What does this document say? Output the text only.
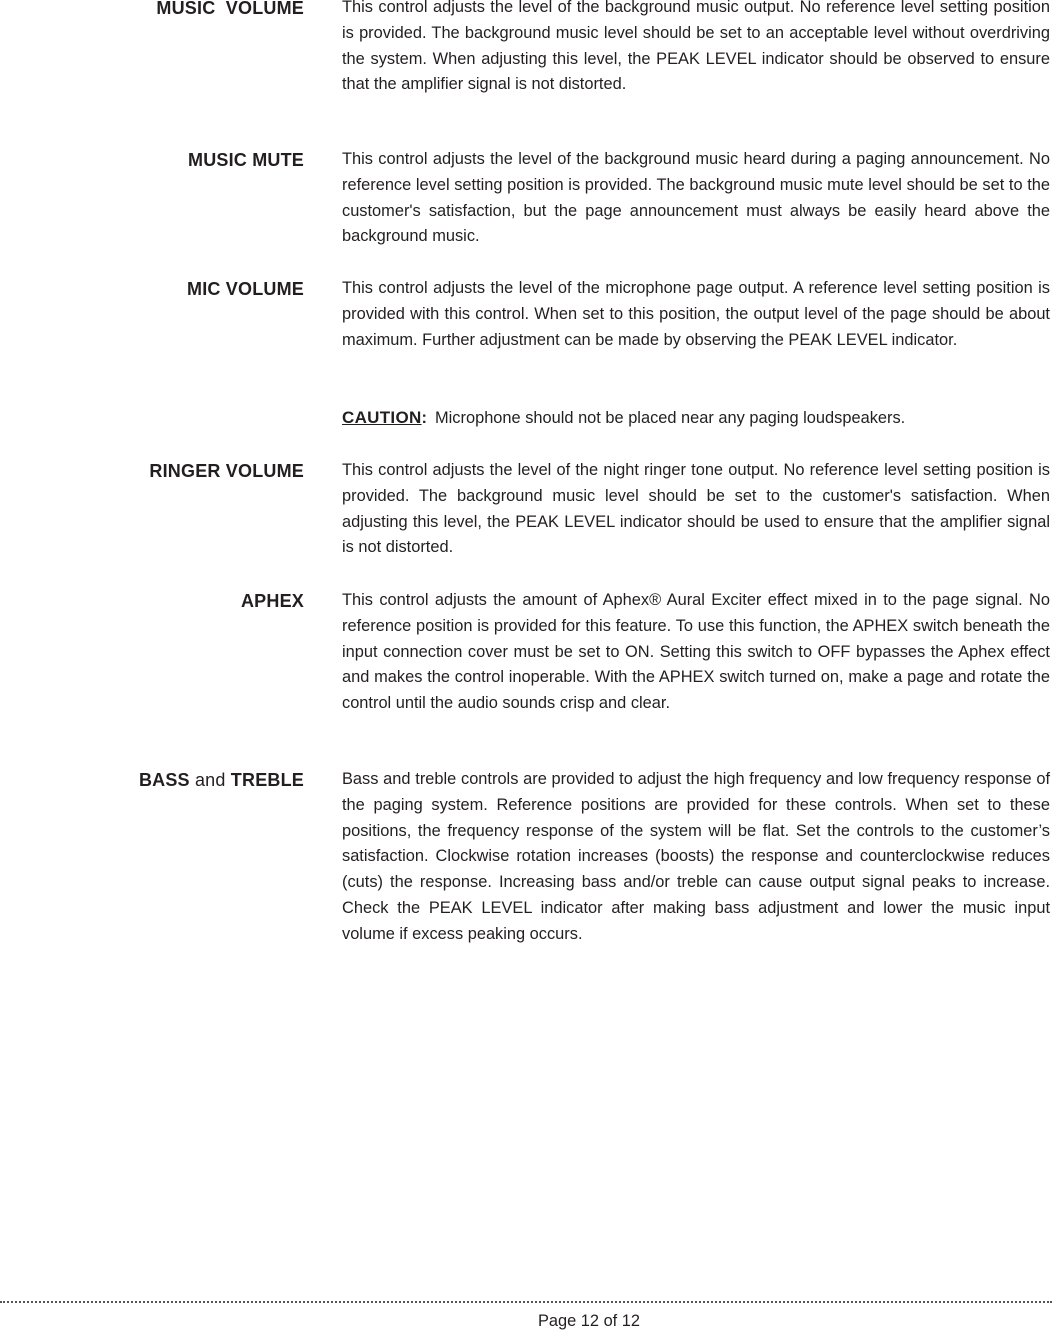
MUSIC  VOLUME This control adjusts the level of the background music output. No reference level setting position is provided. The background music level should be set to an acceptable level without overdriving the system. When adjusting this level, the PEAK LEVEL indicator should be observed to ensure that the amplifier signal is not distorted.

MUSIC MUTE This control adjusts the level of the background music heard during a paging announcement. No reference level setting position is provided. The background music mute level should be set to the customer's satisfaction, but the page announcement must always be easily heard above the background music.

MIC VOLUME This control adjusts the level of the microphone page output. A reference level setting position is provided with this control. When set to this position, the output level of the page should be about maximum. Further adjustment can be made by observing the PEAK LEVEL indicator.

CAUTION: Microphone should not be placed near any paging loudspeakers.

RINGER VOLUME This control adjusts the level of the night ringer tone output. No reference level setting position is provided. The background music level should be set to the customer's satisfaction. When adjusting this level, the PEAK LEVEL indicator should be used to ensure that the amplifier signal is not distorted.

APHEX This control adjusts the amount of Aphex® Aural Exciter effect mixed in to the page signal. No reference position is provided for this feature. To use this function, the APHEX switch beneath the input connection cover must be set to ON. Setting this switch to OFF bypasses the Aphex effect and makes the control inoperable. With the APHEX switch turned on, make a page and rotate the control until the audio sounds crisp and clear.

BASS and TREBLE Bass and treble controls are provided to adjust the high frequency and low frequency response of the paging system. Reference positions are provided for these controls. When set to these positions, the frequency response of the system will be flat. Set the controls to the customer’s satisfaction. Clockwise rotation increases (boosts) the response and counterclockwise reduces (cuts) the response. Increasing bass and/or treble can cause output signal peaks to increase. Check the PEAK LEVEL indicator after making bass adjustment and lower the music input volume if excess peaking occurs.

Page 12 of 12
